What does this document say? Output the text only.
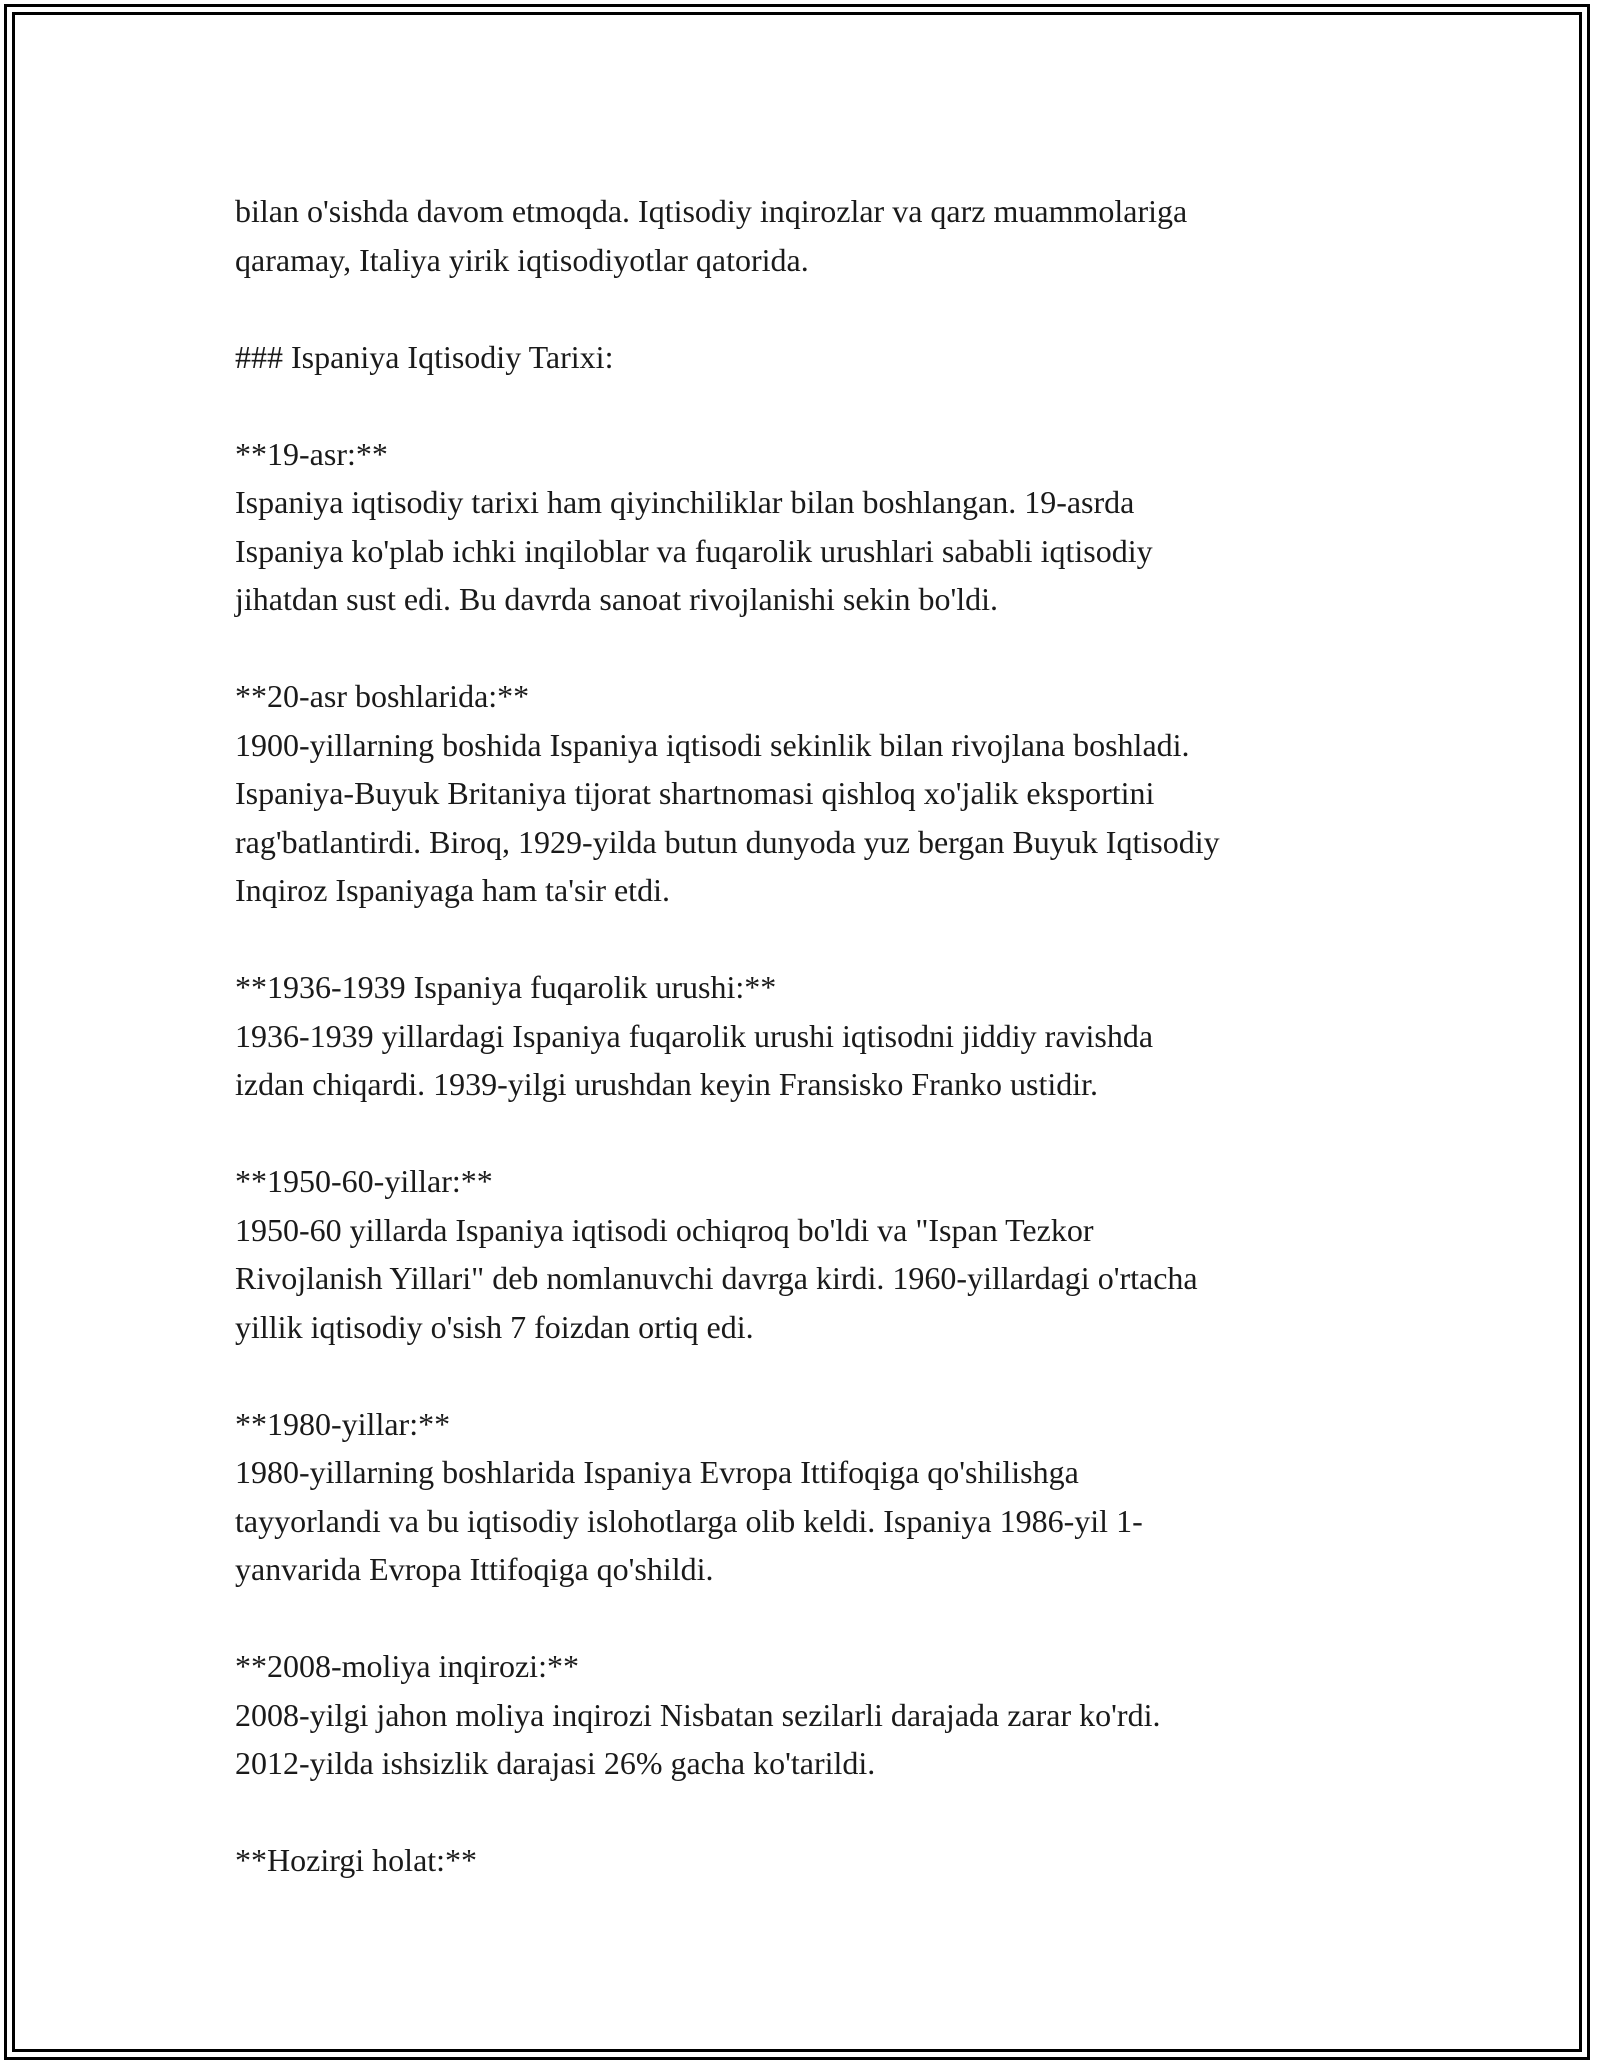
bilan o'sishda davom etmoqda. Iqtisodiy inqirozlar va qarz muammolariga
qaramay, Italiya yirik iqtisodiyotlar qatorida.
### Ispaniya Iqtisodiy Tarixi:
**19-asr:**
Ispaniya iqtisodiy tarixi ham qiyinchiliklar bilan boshlangan. 19-asrda
Ispaniya ko'plab ichki inqiloblar va fuqarolik urushlari sababli iqtisodiy
jihatdan sust edi. Bu davrda sanoat rivojlanishi sekin bo'ldi.
**20-asr boshlarida:**
1900-yillarning boshida Ispaniya iqtisodi sekinlik bilan rivojlana boshladi.
Ispaniya-Buyuk Britaniya tijorat shartnomasi qishloq xo'jalik eksportini
rag'batlantirdi. Biroq, 1929-yilda butun dunyoda yuz bergan Buyuk Iqtisodiy
Inqiroz Ispaniyaga ham ta'sir etdi.
**1936-1939 Ispaniya fuqarolik urushi:**
1936-1939 yillardagi Ispaniya fuqarolik urushi iqtisodni jiddiy ravishda
izdan chiqardi. 1939-yilgi urushdan keyin Fransisko Franko ustidir.
**1950-60-yillar:**
1950-60 yillarda Ispaniya iqtisodi ochiqroq bo'ldi va "Ispan Tezkor
Rivojlanish Yillari" deb nomlanuvchi davrga kirdi. 1960-yillardagi o'rtacha
yillik iqtisodiy o'sish 7 foizdan ortiq edi.
**1980-yillar:**
1980-yillarning boshlarida Ispaniya Evropa Ittifoqiga qo'shilishga
tayyorlandi va bu iqtisodiy islohotlarga olib keldi. Ispaniya 1986-yil 1-
yanvarida Evropa Ittifoqiga qo'shildi.
**2008-moliya inqirozi:**
2008-yilgi jahon moliya inqirozi Nisbatan sezilarli darajada zarar ko'rdi.
2012-yilda ishsizlik darajasi 26% gacha ko'tarildi.
**Hozirgi holat:**
